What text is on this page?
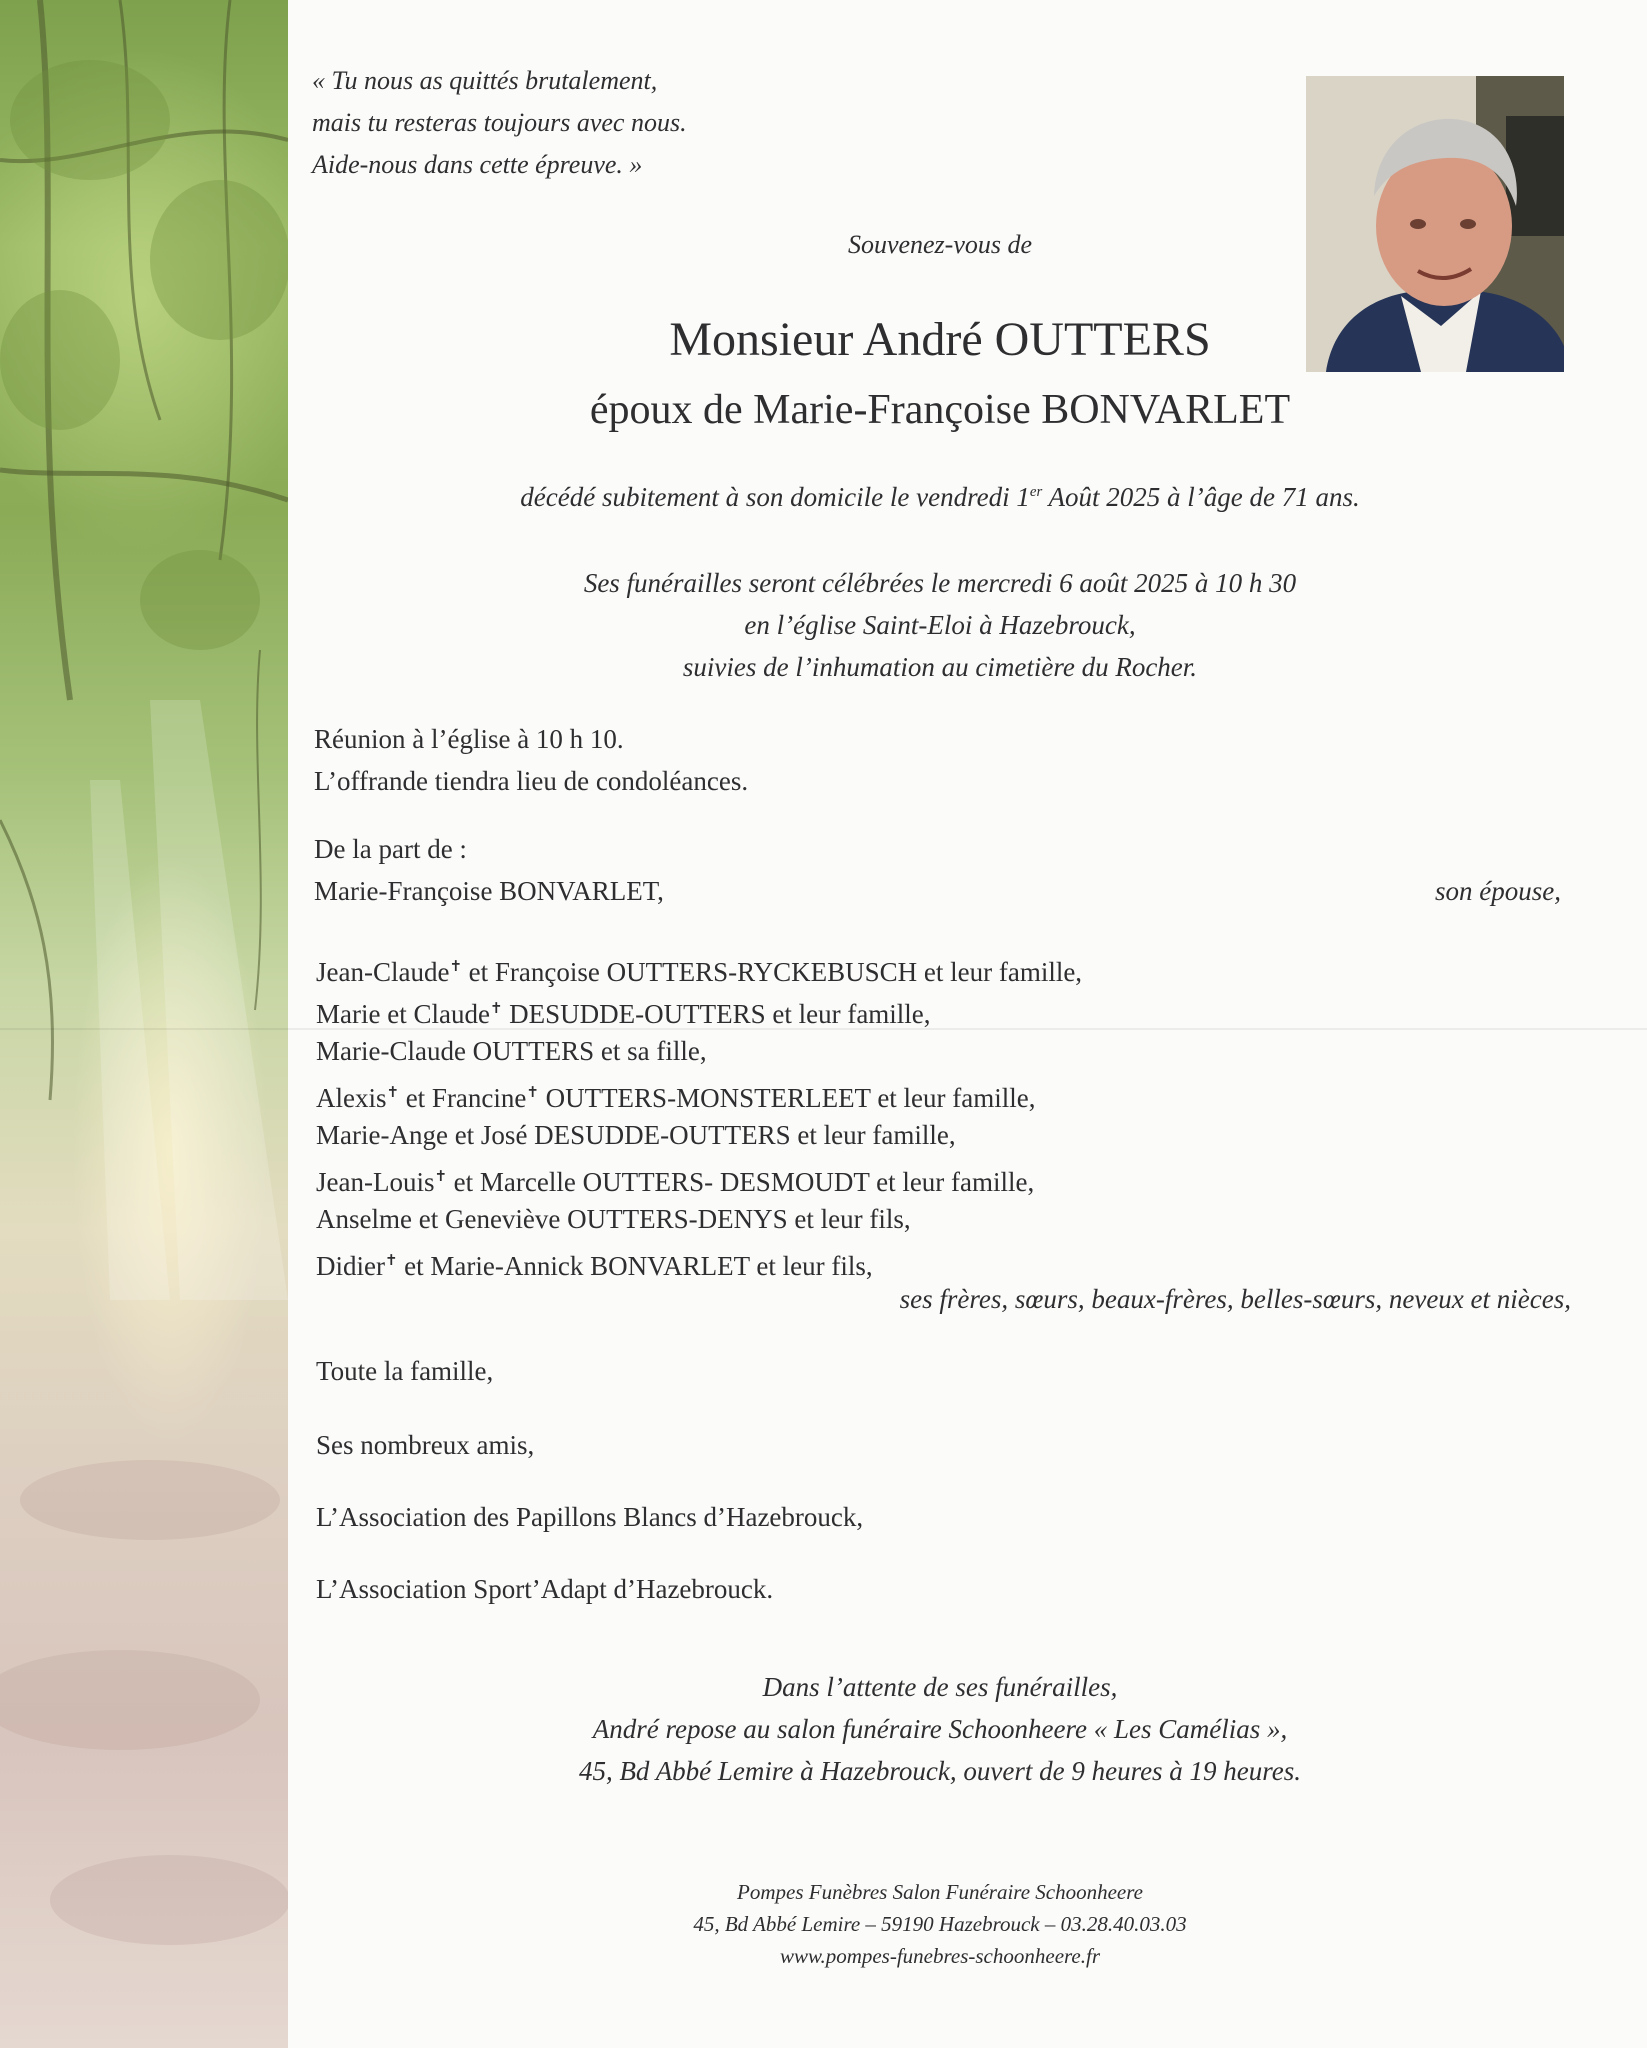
« Tu nous as quittés brutalement,
mais tu resteras toujours avec nous.
Aide-nous dans cette épreuve. »
Souvenez-vous de
Monsieur André OUTTERS
époux de Marie-Françoise BONVARLET
décédé subitement à son domicile le vendredi 1er Août 2025 à l’âge de 71 ans.
Ses funérailles seront célébrées le mercredi 6 août 2025 à 10 h 30
en l’église Saint-Eloi à Hazebrouck,
suivies de l’inhumation au cimetière du Rocher.
Réunion à l’église à 10 h 10.
L’offrande tiendra lieu de condoléances.
De la part de :
Marie-Françoise BONVARLET,	son épouse,
Jean-Claude✝ et Françoise OUTTERS-RYCKEBUSCH et leur famille,
Marie et Claude✝ DESUDDE-OUTTERS et leur famille,
Marie-Claude OUTTERS et sa fille,
Alexis✝ et Francine✝ OUTTERS-MONSTERLEET et leur famille,
Marie-Ange et José DESUDDE-OUTTERS et leur famille,
Jean-Louis✝ et Marcelle OUTTERS- DESMOUDT et leur famille,
Anselme et Geneviève OUTTERS-DENYS et leur fils,
Didier✝ et Marie-Annick BONVARLET et leur fils,
ses frères, sœurs, beaux-frères, belles-sœurs, neveux et nièces,
Toute la famille,
Ses nombreux amis,
L’Association des Papillons Blancs d’Hazebrouck,
L’Association Sport’Adapt d’Hazebrouck.
Dans l’attente de ses funérailles,
André repose au salon funéraire Schoonheere « Les Camélias »,
45, Bd Abbé Lemire à Hazebrouck, ouvert de 9 heures à 19 heures.
Pompes Funèbres Salon Funéraire Schoonheere
45, Bd Abbé Lemire – 59190 Hazebrouck – 03.28.40.03.03
www.pompes-funebres-schoonheere.fr
